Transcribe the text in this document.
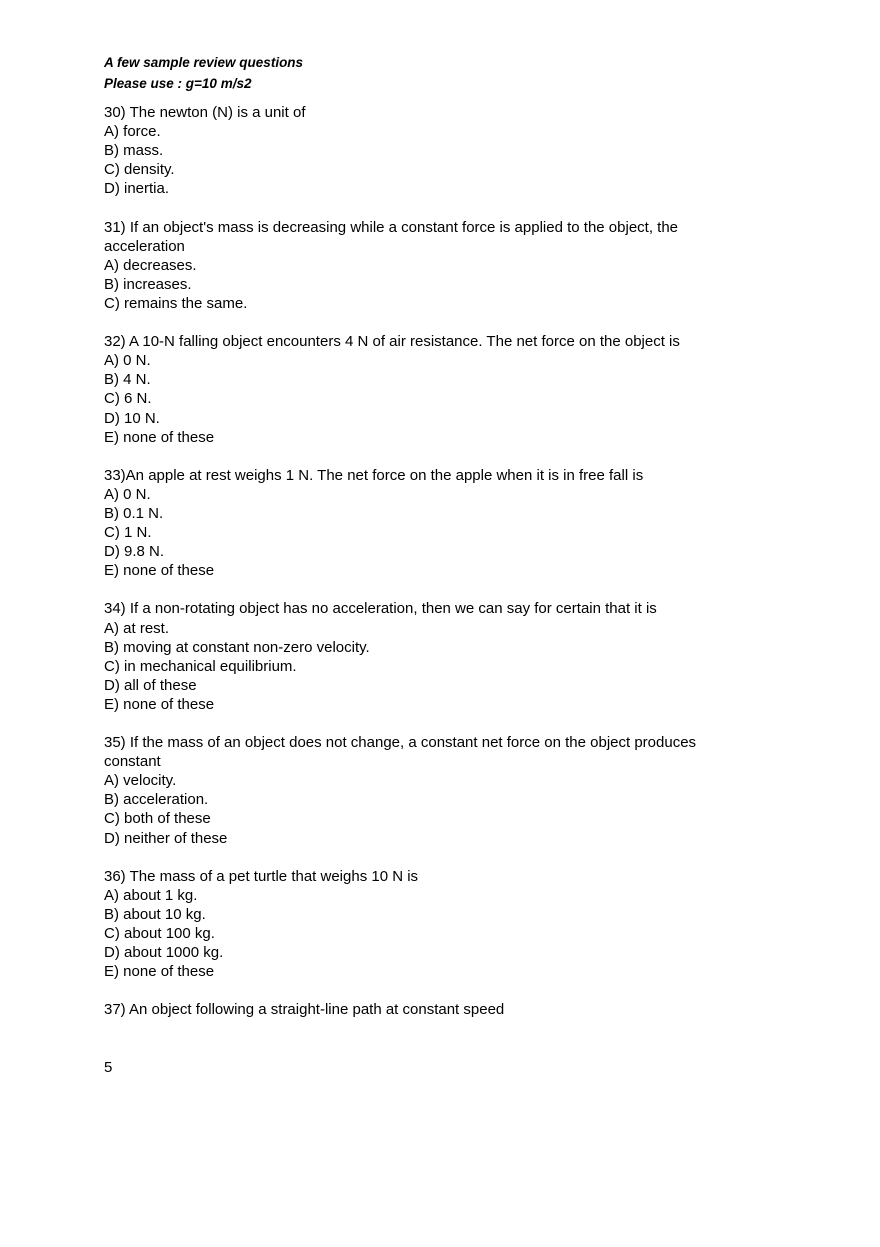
A few sample review questions
Please use : g=10 m/s2
30) The newton (N) is a unit of
A) force.
B) mass.
C) density.
D) inertia.
31) If an object's mass is decreasing while a constant force is applied to the object, the acceleration
A) decreases.
B) increases.
C) remains the same.
32) A 10-N falling object encounters 4 N of air resistance. The net force on the object is
A) 0 N.
B) 4 N.
C) 6 N.
D) 10 N.
E) none of these
33)An apple at rest weighs 1 N. The net force on the apple when it is in free fall is
A) 0 N.
B) 0.1 N.
C) 1 N.
D) 9.8 N.
E) none of these
34) If a non-rotating object has no acceleration, then we can say for certain that it is
A) at rest.
B) moving at constant non-zero velocity.
C) in mechanical equilibrium.
D) all of these
E) none of these
35) If the mass of an object does not change, a constant net force on the object produces constant
A) velocity.
B) acceleration.
C) both of these
D) neither of these
36) The mass of a pet turtle that weighs 10 N is
A) about 1 kg.
B) about 10 kg.
C) about 100 kg.
D) about 1000 kg.
E) none of these
37) An object following a straight-line path at constant speed
5
